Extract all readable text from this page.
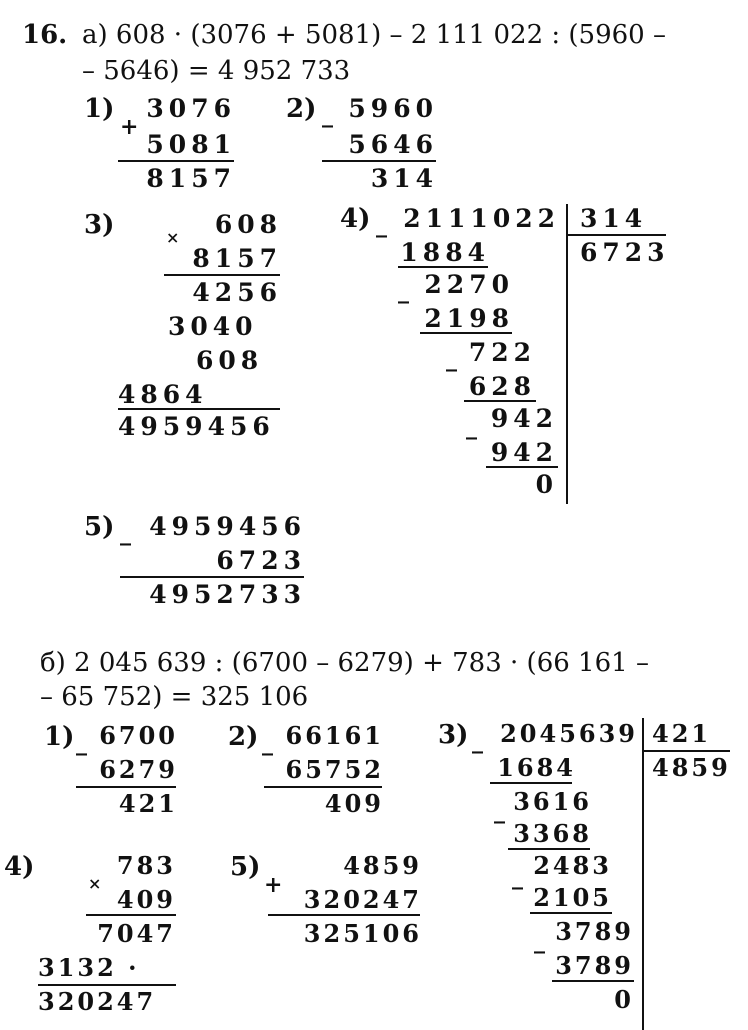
16. а) 608 · (3076 + 5081) – 2 111 022 : (5960 –
– 5646) = 4 952 733
1)
+
3076
5081
8157
2) _ 5960
5646
314
3)	×	608
8157
4256
3040
608
4864
4959456
4) _ 2111022 314
6723
1884
_ 2270
2198
_ 722
628
_ 942
942
0
5) _ 4959456
6723
4952733
б) 2 045 639 : (6700 – 6279) + 783 · (66 161 –
– 65 752) = 325 106
1) _ 6700
6279
421
2) _ 66161
65752
409
3) _ 2045639 421
4859
1684
_ 3616
3368
_ 2483
2105
_ 3789
3789
0
4)
×
783
409
7047
3132 ·
320247
5)
+
4859
320247
325106
